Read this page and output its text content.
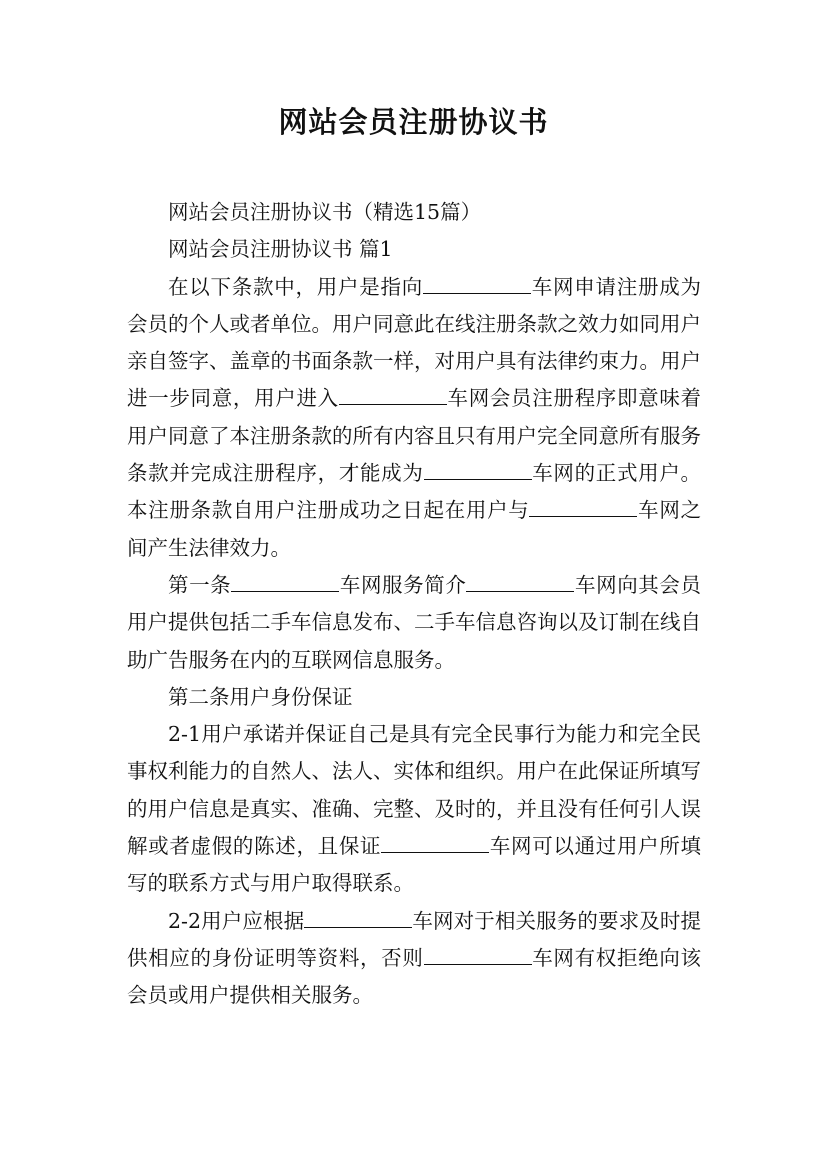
网站会员注册协议书

网站会员注册协议书（精选15篇）

网站会员注册协议书 篇1

在以下条款中，用户是指向	车网申请注册成为会员的个人或者单位。用户同意此在线注册条款之效力如同用户亲自签字、盖章的书面条款一样，对用户具有法律约束力。用户进一步同意，用户进入	车网会员注册程序即意味着用户同意了本注册条款的所有内容且只有用户完全同意所有服务条款并完成注册程序，才能成为	车网的正式用户。本注册条款自用户注册成功之日起在用户与	车网之间产生法律效力。

第一条	车网服务简介	车网向其会员用户提供包括二手车信息发布、二手车信息咨询以及订制在线自助广告服务在内的互联网信息服务。

第二条用户身份保证

2-1用户承诺并保证自己是具有完全民事行为能力和完全民事权利能力的自然人、法人、实体和组织。用户在此保证所填写的用户信息是真实、准确、完整、及时的，并且没有任何引人误解或者虚假的陈述，且保证	车网可以通过用户所填写的联系方式与用户取得联系。

2-2用户应根据	车网对于相关服务的要求及时提供相应的身份证明等资料，否则	车网有权拒绝向该会员或用户提供相关服务。
